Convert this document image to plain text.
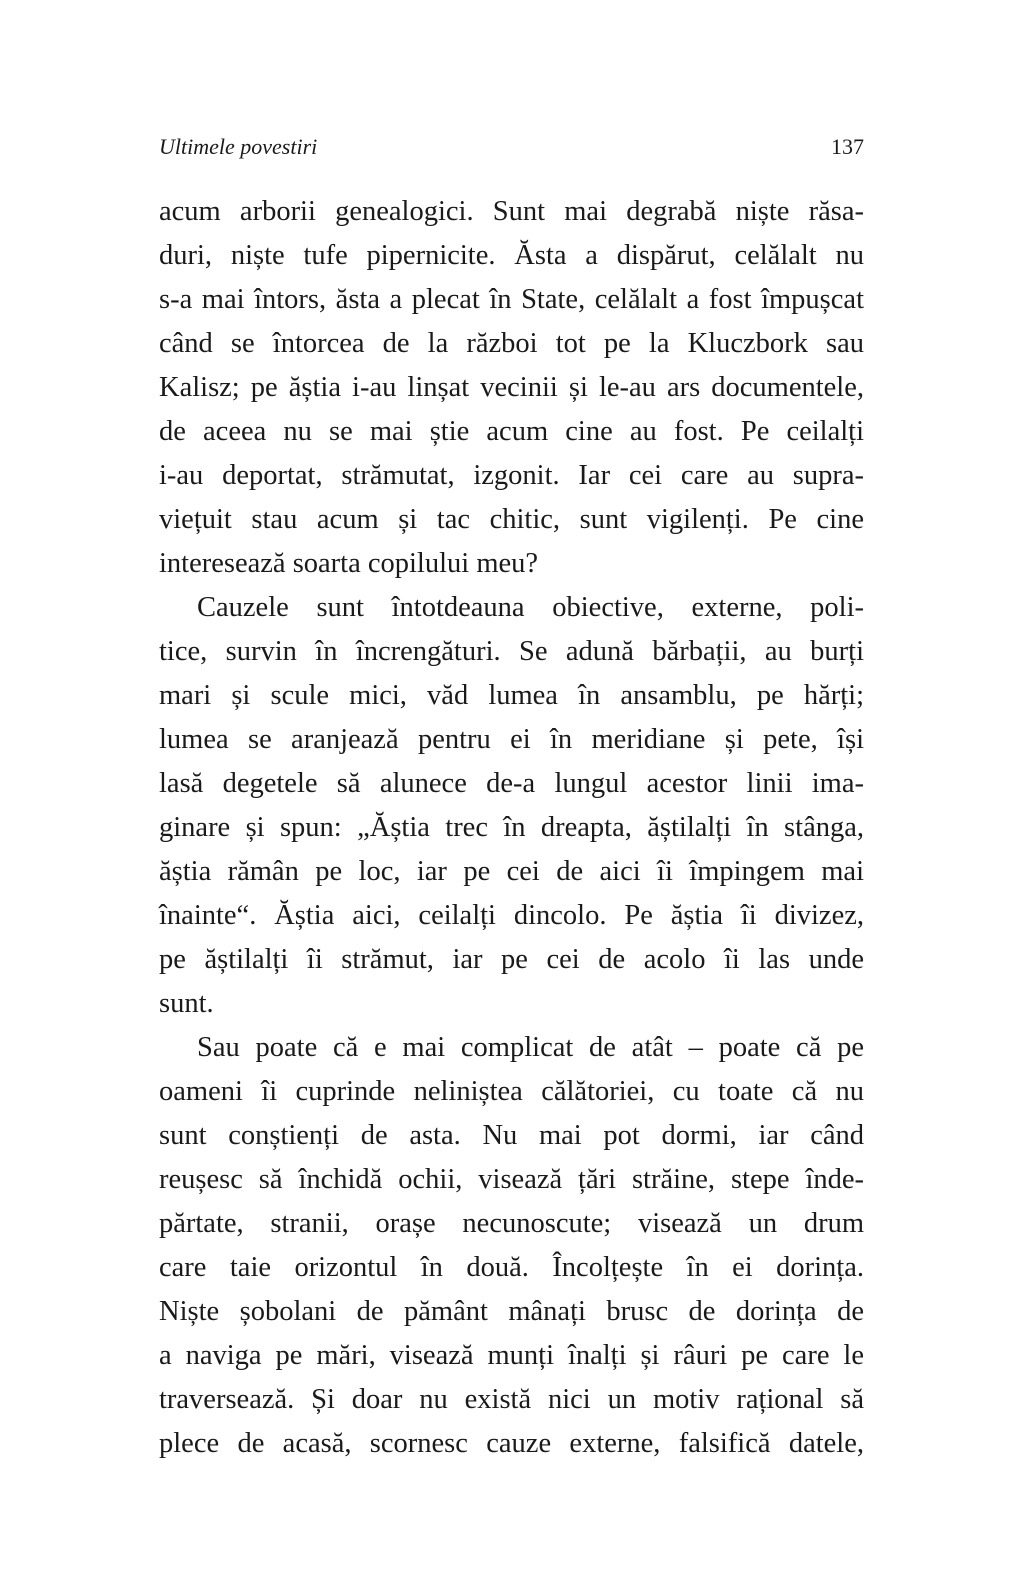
Ultimele povestiri	137
acum arborii genealogici. Sunt mai degrabă niște răsa-
duri, niște tufe pipernicite. Ăsta a dispărut, celălalt nu
s-a mai întors, ăsta a plecat în State, celălalt a fost împușcat
când se întorcea de la război tot pe la Kluczbork sau
Kalisz; pe ăștia i-au linșat vecinii și le-au ars documentele,
de aceea nu se mai știe acum cine au fost. Pe ceilalți
i-au deportat, strămutat, izgonit. Iar cei care au supra-
viețuit stau acum și tac chitic, sunt vigilenți. Pe cine
interesează soarta copilului meu?
Cauzele sunt întotdeauna obiective, externe, poli-
tice, survin în încrengături. Se adună bărbații, au burți
mari și scule mici, văd lumea în ansamblu, pe hărți;
lumea se aranjează pentru ei în meridiane și pete, își
lasă degetele să alunece de-a lungul acestor linii ima-
ginare și spun: „Ăștia trec în dreapta, ăștilalți în stânga,
ăștia rămân pe loc, iar pe cei de aici îi împingem mai
înainte“. Ăștia aici, ceilalți dincolo. Pe ăștia îi divizez,
pe ăștilalți îi strămut, iar pe cei de acolo îi las unde
sunt.
Sau poate că e mai complicat de atât – poate că pe
oameni îi cuprinde neliniștea călătoriei, cu toate că nu
sunt conștienți de asta. Nu mai pot dormi, iar când
reușesc să închidă ochii, visează țări străine, stepe înde-
părtate, stranii, orașe necunoscute; visează un drum
care taie orizontul în două. Încolțește în ei dorința.
Niște șobolani de pământ mânați brusc de dorința de
a naviga pe mări, visează munți înalți și râuri pe care le
traversează. Și doar nu există nici un motiv rațional să
plece de acasă, scornesc cauze externe, falsifică datele,
